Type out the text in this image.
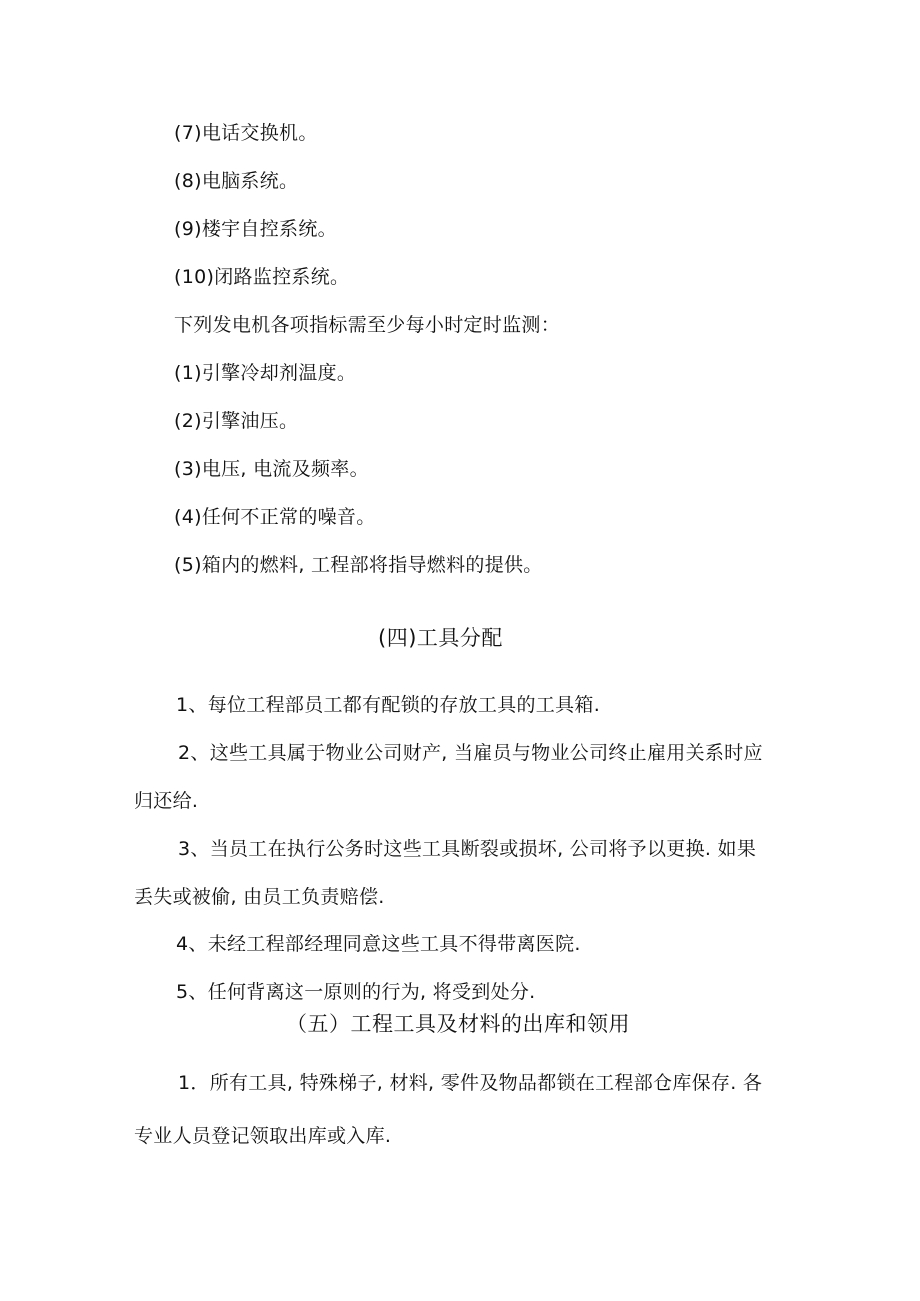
(7)电话交换机。
(8)电脑系统。
(9)楼宇自控系统。
(10)闭路监控系统。
下列发电机各项指标需至少每小时定时监测：
(1)引擎冷却剂温度。
(2)引擎油压。
(3)电压, 电流及频率。
(4)任何不正常的噪音。
(5)箱内的燃料, 工程部将指导燃料的提供。
(四)工具分配
1、每位工程部员工都有配锁的存放工具的工具箱.
2、这些工具属于物业公司财产, 当雇员与物业公司终止雇用关系时应
归还给.
3、当员工在执行公务时这些工具断裂或损坏, 公司将予以更换. 如果
丢失或被偷, 由员工负责赔偿.
4、未经工程部经理同意这些工具不得带离医院.
5、任何背离这一原则的行为, 将受到处分.
（五）工程工具及材料的出库和领用
1．所有工具, 特殊梯子, 材料, 零件及物品都锁在工程部仓库保存. 各
专业人员登记领取出库或入库.
